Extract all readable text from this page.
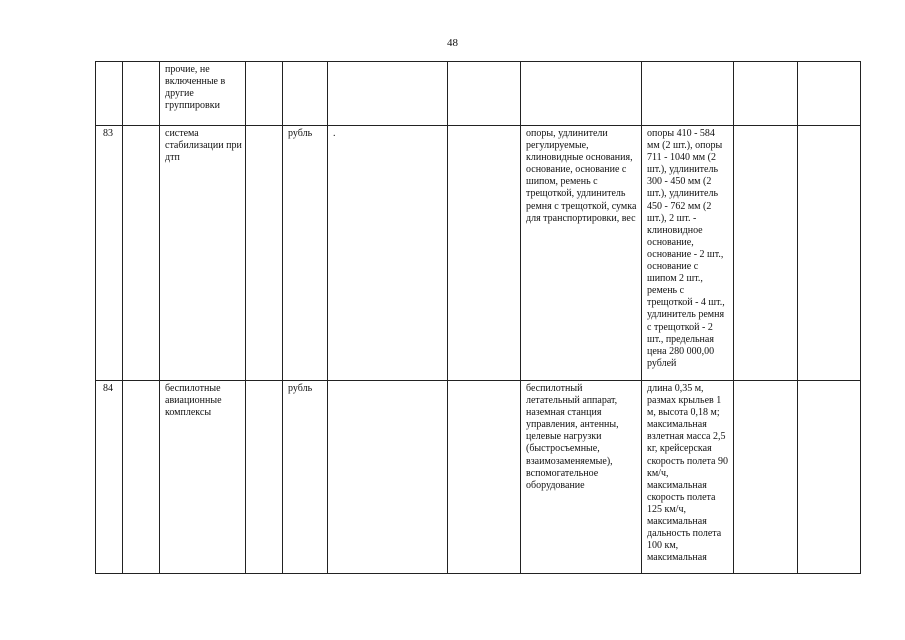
48

		прочие, не включенные в другие группировки								

83		система стабилизации при дтп		рубль	.		опоры, удлинители регулируемые, клиновидные основания, основание, основание с шипом, ремень с трещоткой, удлинитель ремня с трещоткой, сумка для транспортировки, вес	опоры 410 - 584 мм (2 шт.), опоры 711 - 1040 мм (2 шт.), удлинитель 300 - 450 мм (2 шт.), удлинитель 450 - 762 мм (2 шт.), 2 шт. - клиновидное основание, основание - 2 шт., основание с шипом 2 шт., ремень с трещоткой - 4 шт., удлинитель ремня с трещоткой - 2 шт., предельная цена 280 000,00 рублей		

84		беспилотные авиационные комплексы		рубль			беспилотный летательный аппарат, наземная станция управления, антенны, целевые нагрузки (быстросъемные, взаимозаменяемые), вспомогательное оборудование	длина 0,35 м, размах крыльев 1 м, высота 0,18 м; максимальная взлетная масса 2,5 кг, крейсерская скорость полета 90 км/ч, максимальная скорость полета 125 км/ч, максимальная дальность полета 100 км, максимальная		
